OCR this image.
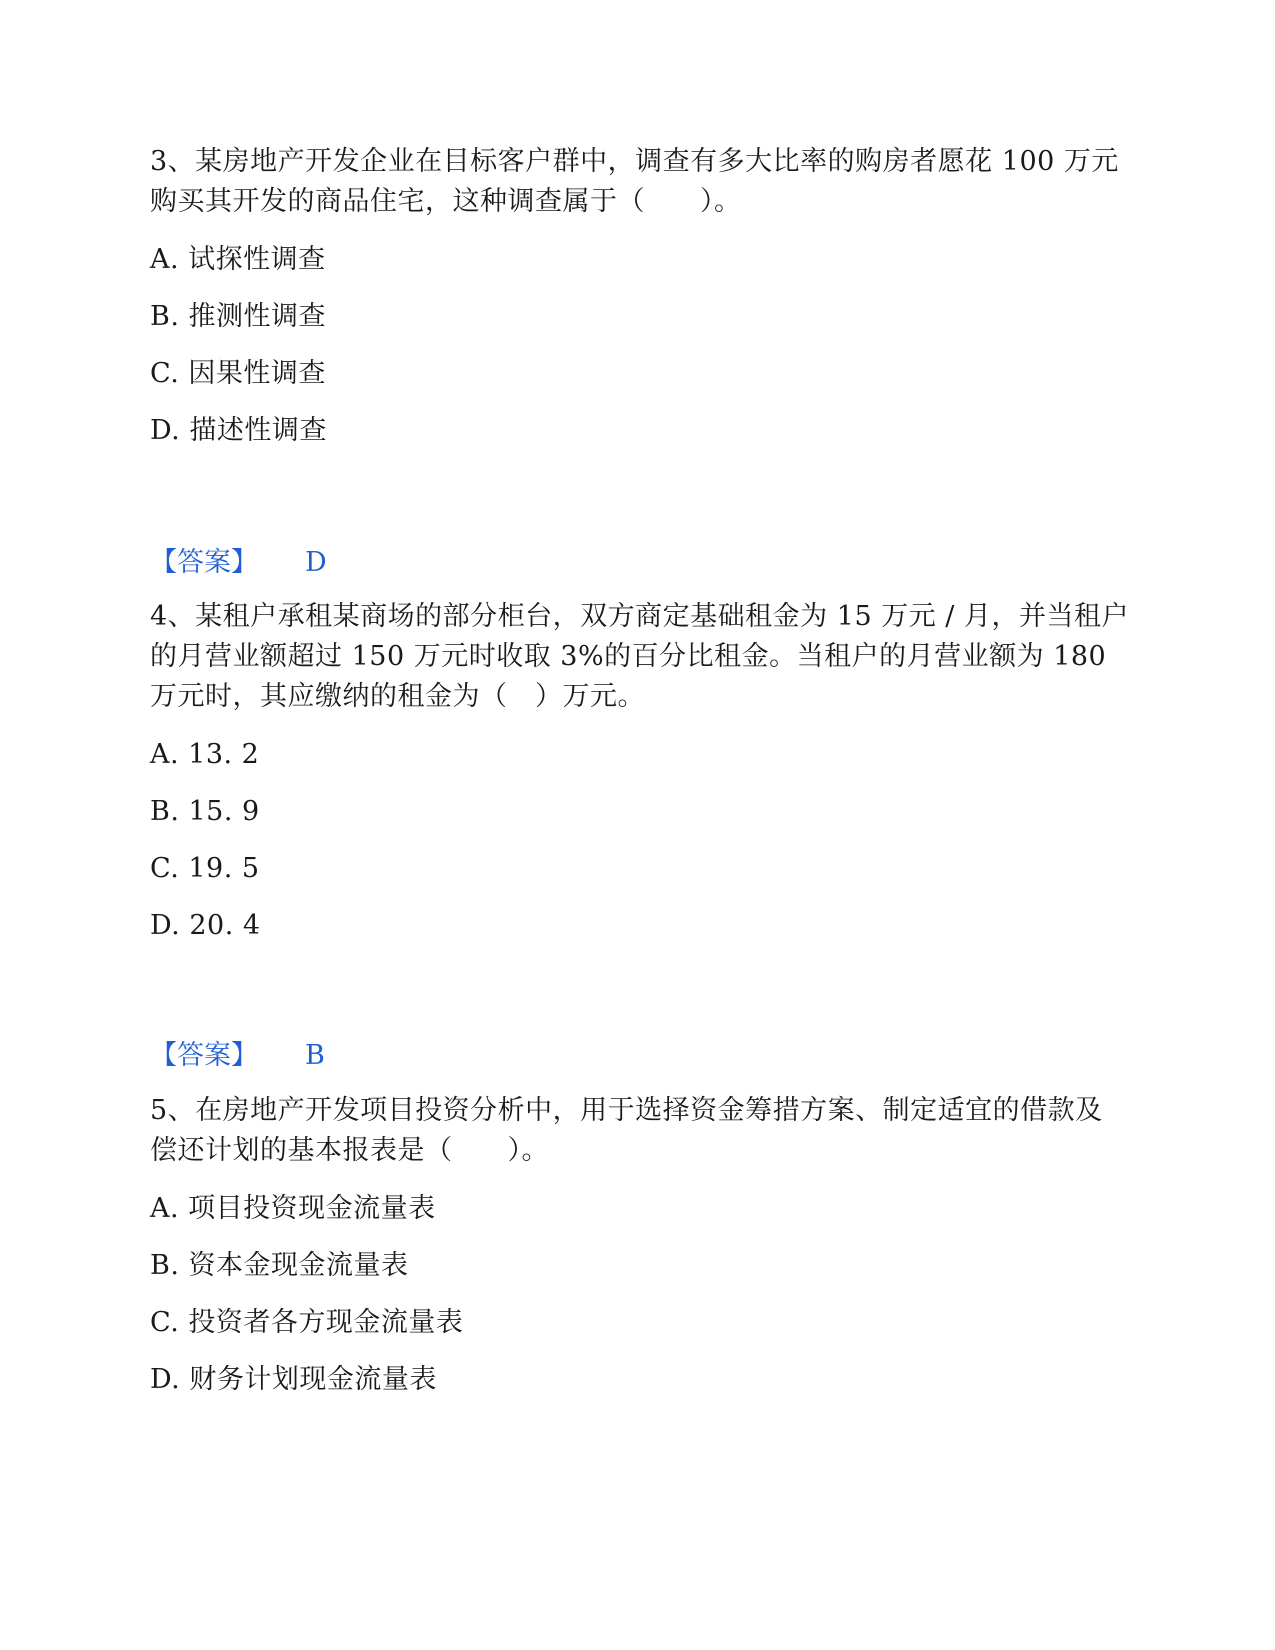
3、某房地产开发企业在目标客户群中，调查有多大比率的购房者愿花 100 万元购买其开发的商品住宅，这种调查属于（　　）。

A. 试探性调查
B. 推测性调查
C. 因果性调查
D. 描述性调查
【答案】 D

4、某租户承租某商场的部分柜台，双方商定基础租金为 15 万元 / 月，并当租户的月营业额超过 150 万元时收取 3%的百分比租金。当租户的月营业额为 180 万元时，其应缴纳的租金为（　）万元。

A. 13. 2
B. 15. 9
C. 19. 5
D. 20. 4
【答案】 B

5、在房地产开发项目投资分析中，用于选择资金筹措方案、制定适宜的借款及偿还计划的基本报表是（　　）。

A. 项目投资现金流量表
B. 资本金现金流量表
C. 投资者各方现金流量表
D. 财务计划现金流量表
